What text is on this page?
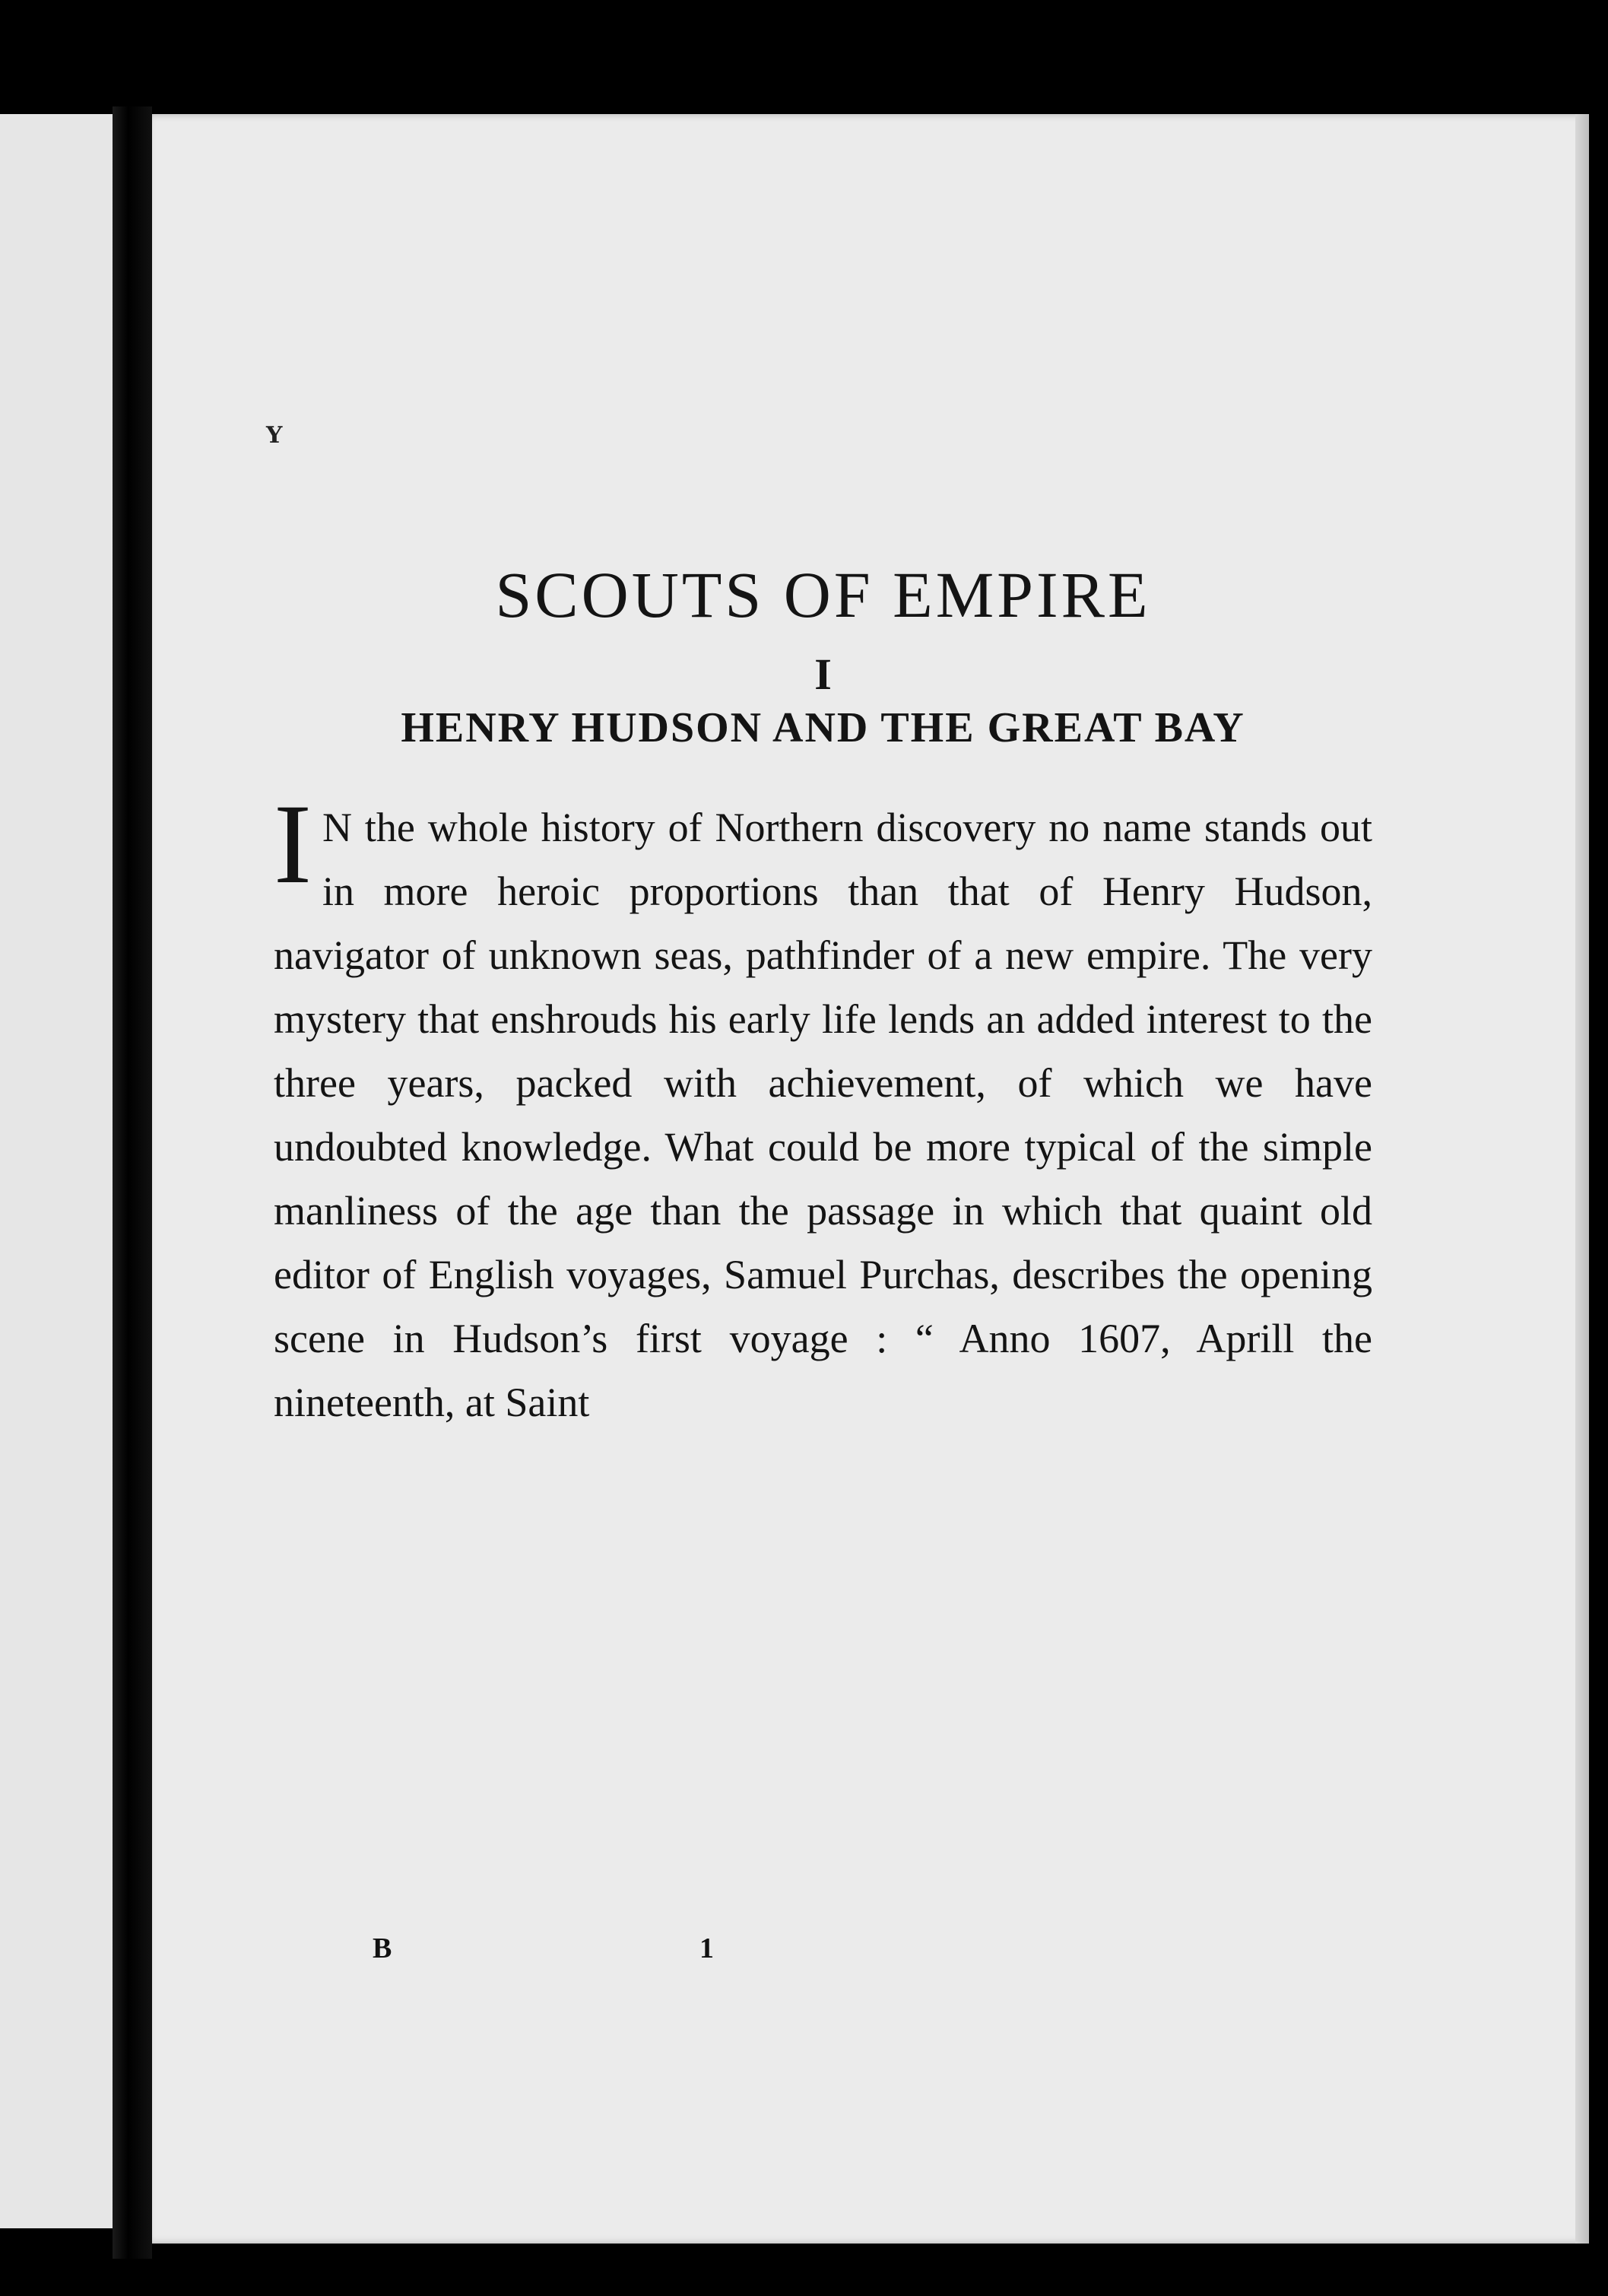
Y
SCOUTS OF EMPIRE
I
HENRY HUDSON AND THE GREAT BAY

I N the whole history of Northern discovery no name stands out in more heroic proportions than that of Henry Hudson, navigator of unknown seas, pathfinder of a new empire. The very mystery that enshrouds his early life lends an added interest to the three years, packed with achievement, of which we have undoubted knowledge. What could be more typical of the simple manliness of the age than the passage in which that quaint old editor of English voyages, Samuel Purchas, describes the opening scene in Hudson’s first voyage : “ Anno 1607, Aprill the nineteenth, at Saint

B	1
